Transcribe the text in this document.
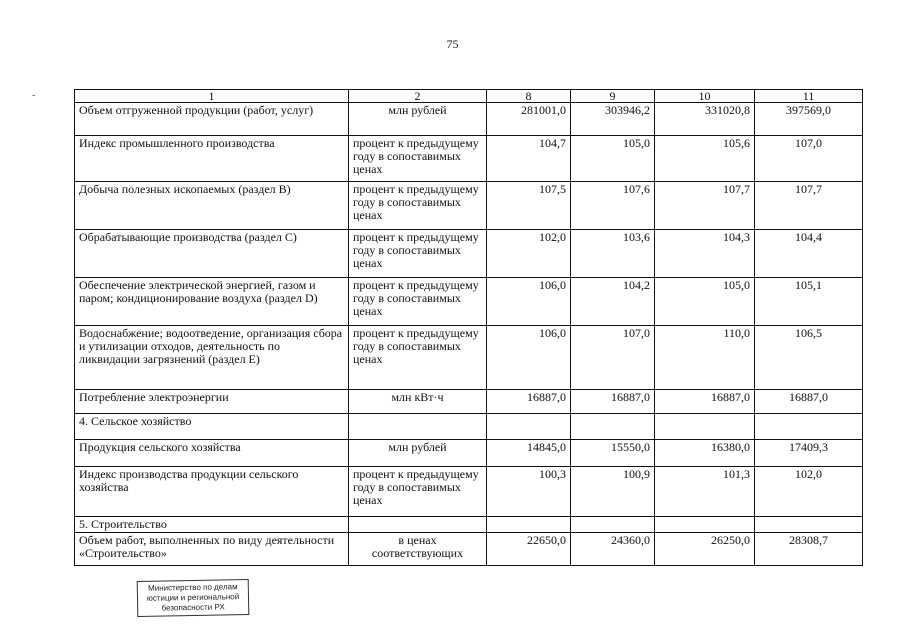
75
-	1	2	8	9	10	11
Объем отгруженной продукции (работ, услуг)	млн рублей	281001,0	303946,2	331020,8	397569,0
Индекс промышленного производства	процент к предыдущему году в сопоставимых ценах	104,7	105,0	105,6	107,0
Добыча полезных ископаемых (раздел В)	процент к предыдущему году в сопоставимых ценах	107,5	107,6	107,7	107,7
Обрабатывающие производства (раздел С)	процент к предыдущему году в сопоставимых ценах	102,0	103,6	104,3	104,4
Обеспечение электрической энергией, газом и паром; кондиционирование воздуха (раздел D)	процент к предыдущему году в сопоставимых ценах	106,0	104,2	105,0	105,1
Водоснабжение; водоотведение, организация сбора и утилизации отходов, деятельность по ликвидации загрязнений (раздел Е)	процент к предыдущему году в сопоставимых ценах	106,0	107,0	110,0	106,5
Потребление электроэнергии	млн кВт·ч	16887,0	16887,0	16887,0	16887,0
4. Сельское хозяйство					
Продукция сельского хозяйства	млн рублей	14845,0	15550,0	16380,0	17409,3
Индекс производства продукции сельского хозяйства	процент к предыдущему году в сопоставимых ценах	100,3	100,9	101,3	102,0
5. Строительство					
Объем работ, выполненных по виду деятельности «Строительство»	в ценах соответствующих	22650,0	24360,0	26250,0	28308,7
Министерство по делам
юстиции и региональной
безопасности РХ
